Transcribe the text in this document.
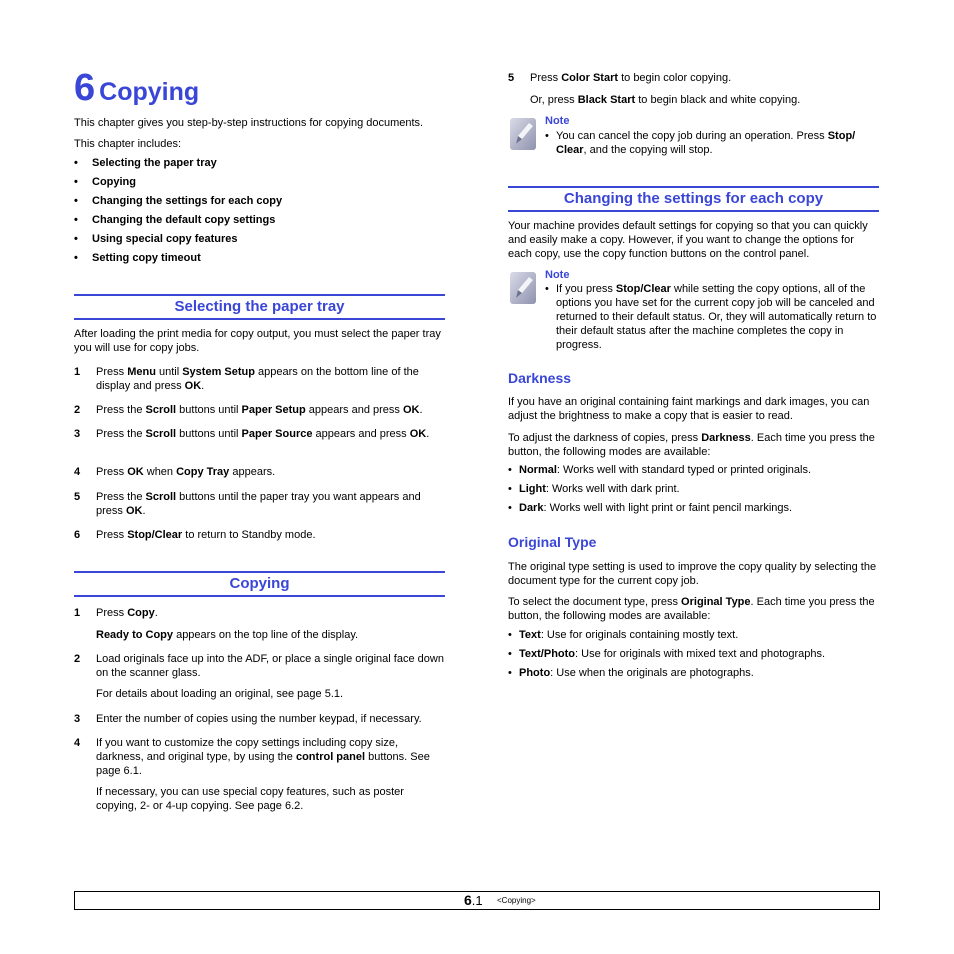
6 Copying
This chapter gives you step-by-step instructions for copying documents.
This chapter includes:
• Selecting the paper tray
• Copying
• Changing the settings for each copy
• Changing the default copy settings
• Using special copy features
• Setting copy timeout
Selecting the paper tray
After loading the print media for copy output, you must select the paper tray you will use for copy jobs.
1 Press Menu until System Setup appears on the bottom line of the display and press OK.
2 Press the Scroll buttons until Paper Setup appears and press OK.
3 Press the Scroll buttons until Paper Source appears and press OK.
4 Press OK when Copy Tray appears.
5 Press the Scroll buttons until the paper tray you want appears and press OK.
6 Press Stop/Clear to return to Standby mode.
Copying
1 Press Copy.
Ready to Copy appears on the top line of the display.
2 Load originals face up into the ADF, or place a single original face down on the scanner glass.
For details about loading an original, see page 5.1.
3 Enter the number of copies using the number keypad, if necessary.
4 If you want to customize the copy settings including copy size, darkness, and original type, by using the control panel buttons. See page 6.1.
If necessary, you can use special copy features, such as poster copying, 2- or 4-up copying. See page 6.2.
5 Press Color Start to begin color copying.
Or, press Black Start to begin black and white copying.
Note
• You can cancel the copy job during an operation. Press Stop/ Clear, and the copying will stop.
Changing the settings for each copy
Your machine provides default settings for copying so that you can quickly and easily make a copy. However, if you want to change the options for each copy, use the copy function buttons on the control panel.
Note
• If you press Stop/Clear while setting the copy options, all of the options you have set for the current copy job will be canceled and returned to their default status. Or, they will automatically return to their default status after the machine completes the copy in progress.
Darkness
If you have an original containing faint markings and dark images, you can adjust the brightness to make a copy that is easier to read.
To adjust the darkness of copies, press Darkness. Each time you press the button, the following modes are available:
• Normal: Works well with standard typed or printed originals.
• Light: Works well with dark print.
• Dark: Works well with light print or faint pencil markings.
Original Type
The original type setting is used to improve the copy quality by selecting the document type for the current copy job.
To select the document type, press Original Type. Each time you press the button, the following modes are available:
• Text: Use for originals containing mostly text.
• Text/Photo: Use for originals with mixed text and photographs.
• Photo: Use when the originals are photographs.
6.1 <Copying>
